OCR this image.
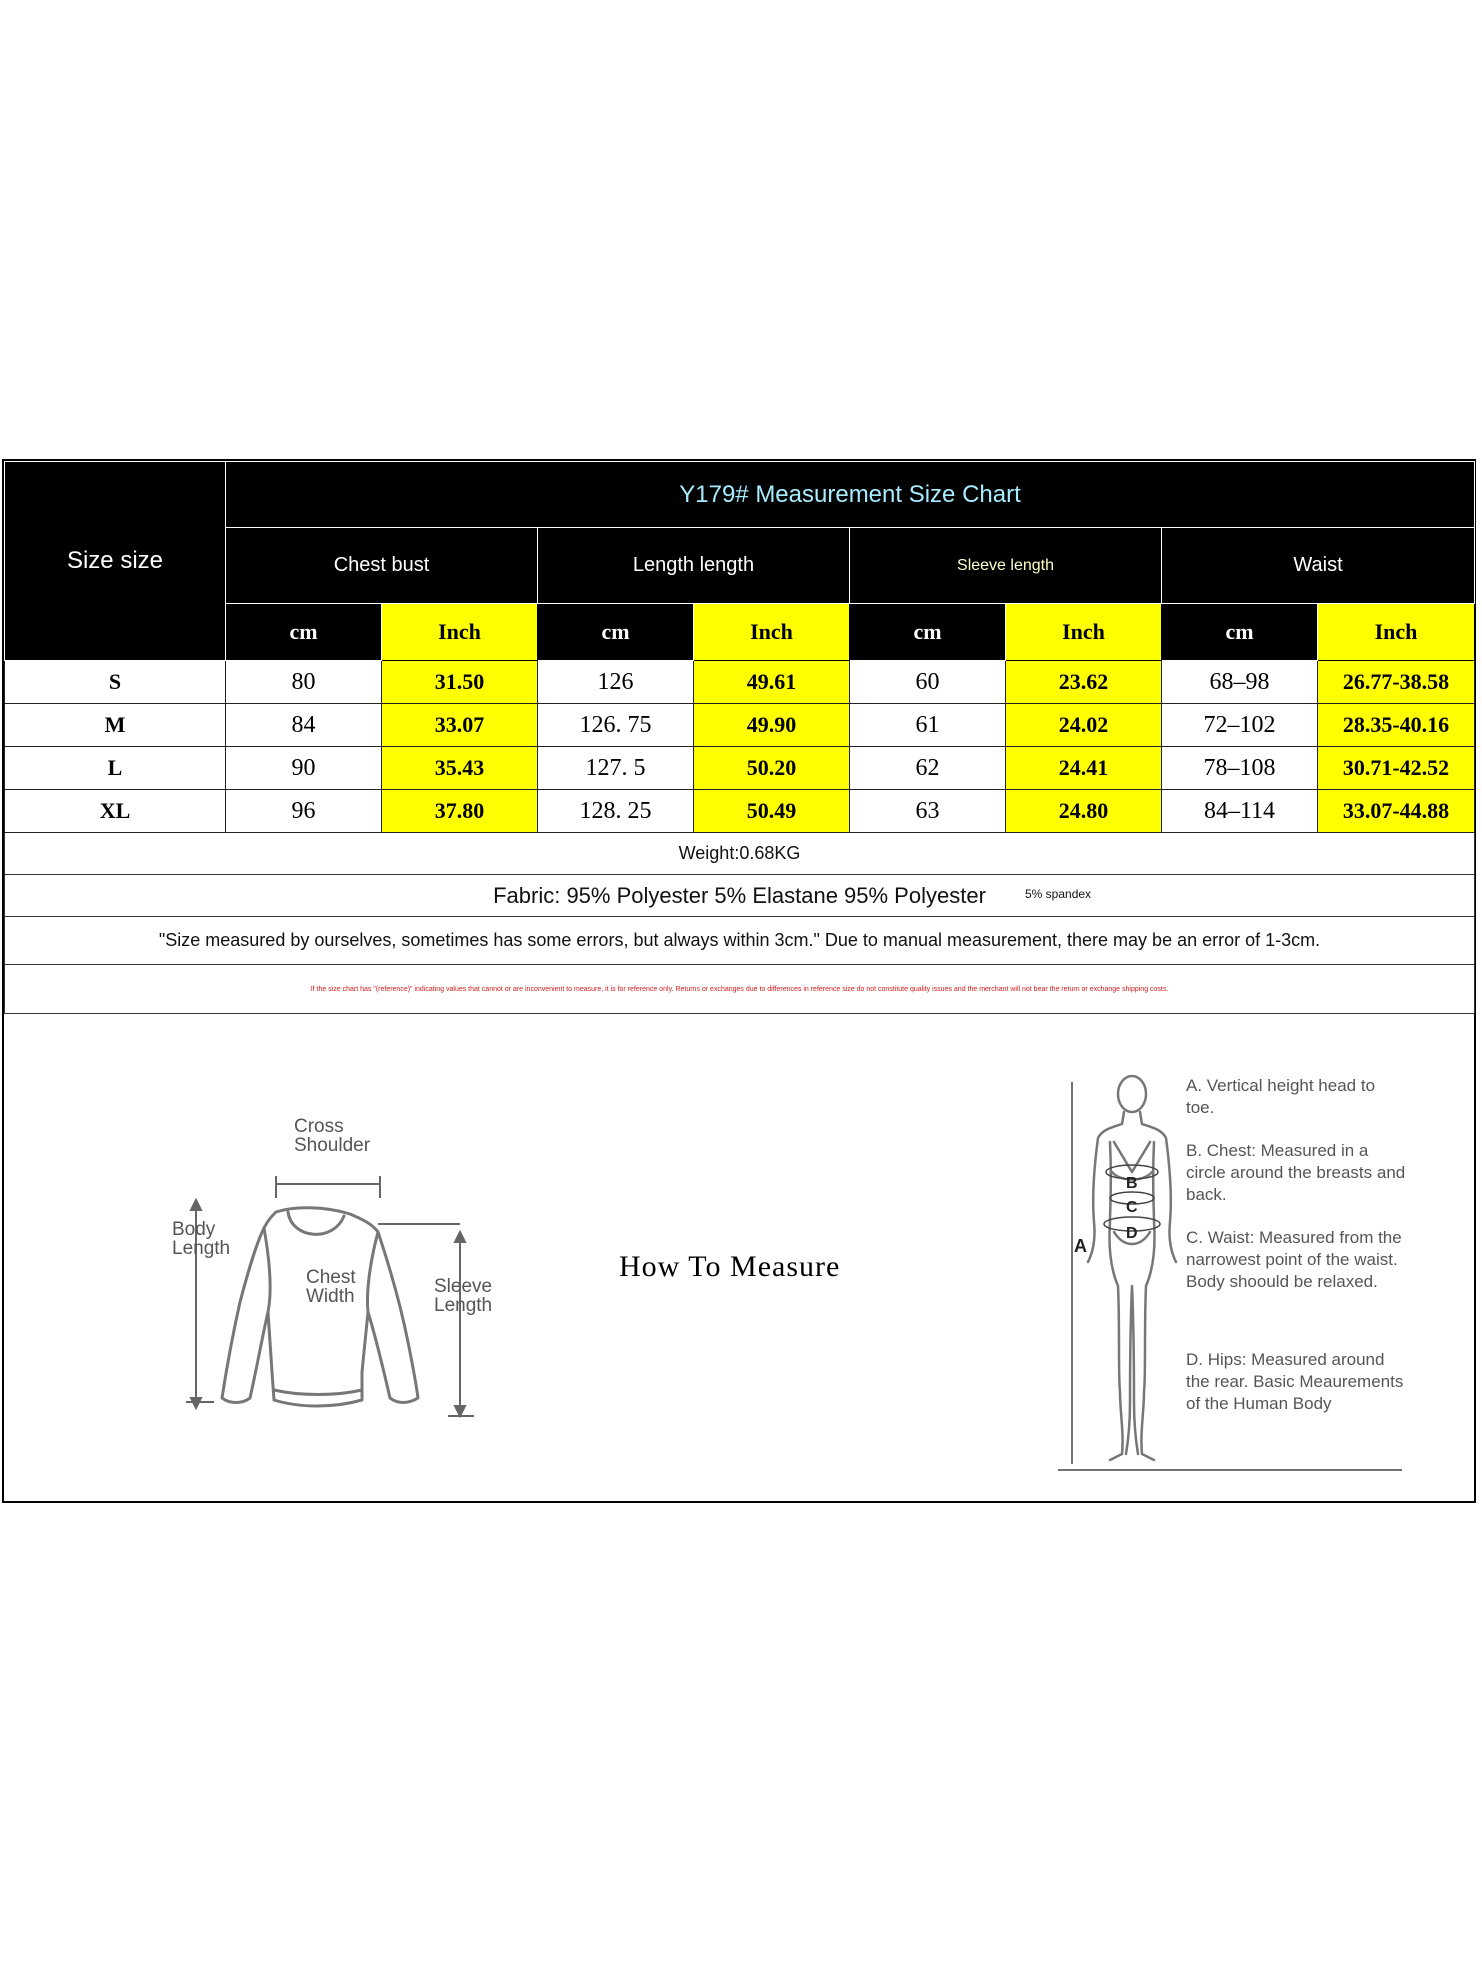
Size size	Y179# Measurement Size Chart							
	Chest bust		Length length		Sleeve length		Waist	
	cm	Inch	cm	Inch	cm	Inch	cm	Inch
S	80	31.50	126	49.61	60	23.62	68–98	26.77-38.58
M	84	33.07	126. 75	49.90	61	24.02	72–102	28.35-40.16
L	90	35.43	127. 5	50.20	62	24.41	78–108	30.71-42.52
XL	96	37.80	128. 25	50.49	63	24.80	84–114	33.07-44.88
Weight:0.68KG								
Fabric: 95% Polyester 5% Elastane 95% Polyester 5% spandex								

"Size measured by ourselves, sometimes has some errors, but always within 3cm." Due to manual measurement, there may be an error of 1-3cm.								
If the size chart has "(reference)" indicating values that cannot or are inconvenient to measure, it is for reference only. Returns or exchanges due to differences in reference size do not constitute quality issues and the merchant will not bear the return or exchange shipping costs.								
Cross
Shoulder
Body
Length
Chest
Width	Sleeve
Length
How To Measure
A
B
C
D
A. Vertical height head to toe.
B. Chest: Measured in a circle around the breasts and back.
C. Waist: Measured from the narrowest point of the waist. Body shoould be relaxed.
D. Hips: Measured around the rear. Basic Meaurements of the Human Body
